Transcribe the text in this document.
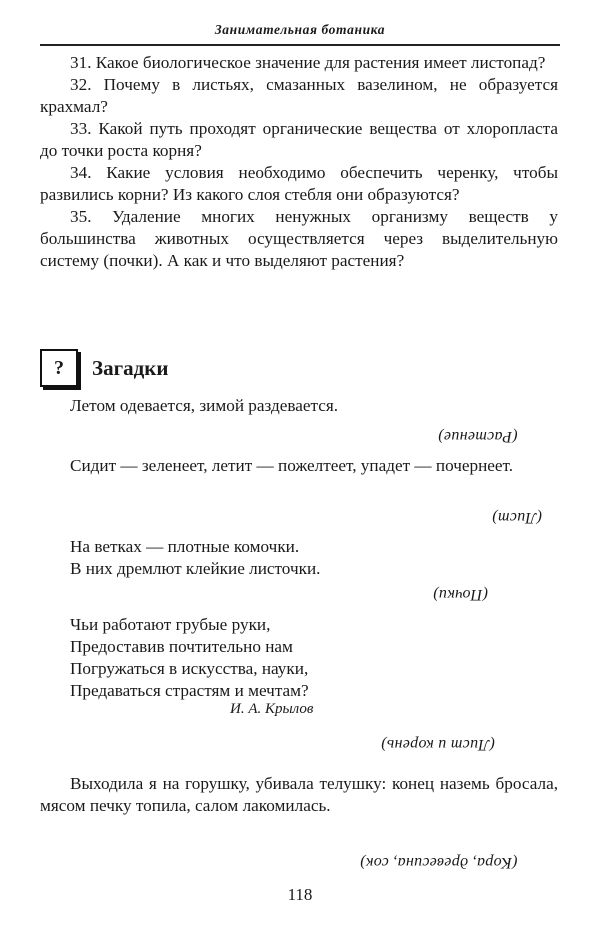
Занимательная ботаника

31. Какое биологическое значение для растения имеет листопад?

32. Почему в листьях, смазанных вазелином, не образуется крахмал?

33. Какой путь проходят органические вещества от хлоропласта до точки роста корня?

34. Какие условия необходимо обеспечить черенку, чтобы развились корни? Из какого слоя стебля они образуются?

35. Удаление многих ненужных организму веществ у большинства животных осуществляется через выделительную систему (почки). А как и что выделяют растения?

?	Загадки
Летом одевается, зимой раздевается.
(Растение)

Сидит — зеленеет, летит — пожелтеет, упадет — почернеет.

(Лист)
На ветках — плотные комочки.
В них дремлют клейкие листочки.
(Почки)
Чьи работают грубые руки,
Предоставив почтительно нам
Погружаться в искусства, науки,
Предаваться страстям и мечтам?
И. А. Крылов
(Лист и корень)

Выходила я на горушку, убивала телушку: конец наземь бросала, мясом печку топила, салом лакомилась.

(Кора, древесина, сок)
118
